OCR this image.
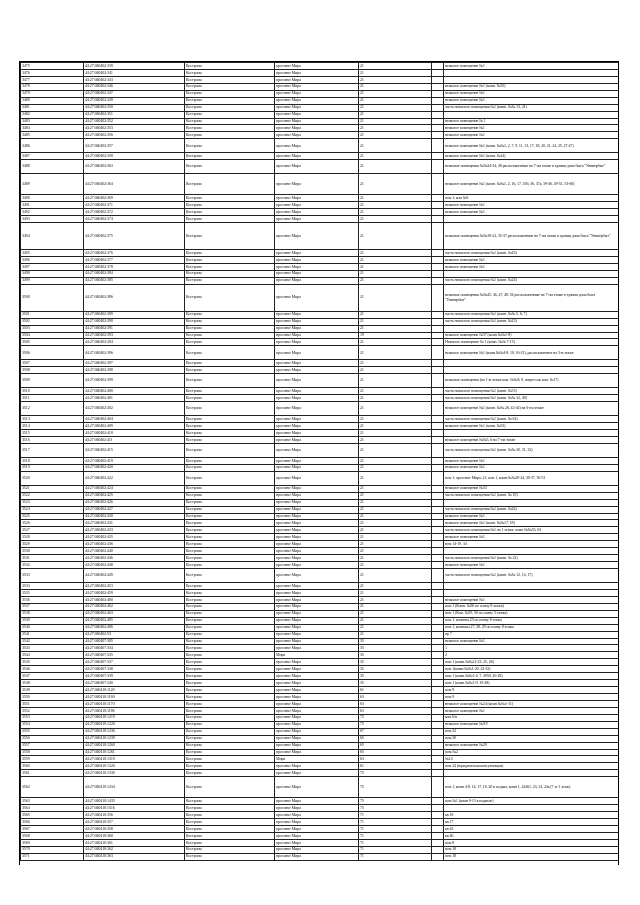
3475	44:27:040402:339	Кострома	проспект Мира	21		нежилое помещение №1
3476	44:27:040402:341	Кострома	проспект Мира	21		
3477	44:27:040402:343	Кострома	проспект Мира	21		
3478	44:27:040402:346	Кострома	проспект Мира	21		нежилое помещение №1 (комн. №35)
3479	44:27:040402:347	Кострома	проспект Мира	21		нежилое помещение №1
3480	44:27:040402:349	Кострома	проспект Мира	21		нежилое помещение №1
3481	44:27:040402:350	Кострома	проспект Мира	21		часть нежилого помещения №1 (комн. №№ 13, 41)
3482	44:27:040402:351	Кострома	проспект Мира	21		
3483	44:27:040402:352	Кострома	проспект Мира	21		нежилое помещение № 1
3484	44:27:040402:353	Кострома	проспект Мира	21		нежилое помещение №1
3485	44:27:040402:356	Кострома	проспект Мира	21		нежилое помещение №1
3486	44:27:040402:357	Кострома	проспект Мира	21		нежилое помещение №1 (комн. №№1, 2, 7, 9, 11, 13, 17, 18, 20, 21, 24, 25, 27-47)
3487	44:27:040402:358	Кострома	проспект Мира	21		нежилое помещение №1 (комн. №24)
3488	44:27:040402:363	Кострома	проспект Мира	21		нежилые помещения №№24-34, 40 расположенные на 7-ом этаже в здании дома быта "Универбыт"
3489	44:27:040402:364	Кострома	проспект Мира	21		нежилое помещение №1 (комн. №№1, 2, 16, 17, 33б, 36, 37а, 39-46, 49-51, 53-60)
3490	44:27:040402:369	Кострома	проспект Мира	21		пом 1, ком №9
3491	44:27:040402:371	Кострома	проспект Мира	21		нежилое помещение №1
3492	44:27:040402:372	Кострома	проспект Мира	21		нежилое помещение №1
3493	44:27:040402:374	Кострома	проспект Мира	21		
3494	44:27:040402:375	Кострома	проспект Мира	21		нежилые помещения №№18-22, 35-37 расположенные на 7-ом этаже в здании дома быта "Универбыт"
3495	44:27:040402:376	Кострома	проспект Мира	21		часть нежилого помещения №1 (комн. №43)
3496	44:27:040402:377	Кострома	проспект Мира	21		нежилое помещение №1
3497	44:27:040402:378	Кострома	проспект Мира	21		нежилое помещение №1
3498	44:27:040402:384	Кострома	проспект Мира	21		
3499	44:27:040402:385	Кострома	проспект Мира	21		часть нежилого помещения №1 (комн. №24)
3500	44:27:040402:386	Кострома	проспект Мира	21		нежилые помещения №№45, 46, 47, 48, 54 расположенные на 7-ом этаже в здании дома быта "Универбыт"
3501	44:27:040402:389	Кострома	проспект Мира	21		часть нежилого помещения №1 (комн. №№ 5, 6, 7)
3502	44:27:040402:390	Кострома	проспект Мира	21		часть нежилого помещения №1 (комн. №23)
3503	44:27:040402:391	Кострома	проспект Мира	21		
3504	44:27:040402:393	Кострома	проспект Мира	19		нежилое помещение №57 (комн.№№1-8)
3505	44:27:040402:394	Кострома	проспект Мира	21		Нежилое помещение № 1 (комн. №№ 7-15)
3506	44:27:040402:396	Кострома	проспект Мира	21		нежилое помещение №1 (комн.№№4-8, 10, 16-21), расположенное на 3-м этаже
3507	44:27:040402:397	Кострома	проспект Мира	21		
3508	44:27:040402:398	Кострома	проспект Мира	21		
3509	44:27:040402:399	Кострома	проспект Мира	21		нежилые помещения (на 1-м этаже ком. №№8, 9, антресоль ком. №17)
3510	44:27:040402:400	Кострома	проспект Мира	21		часть нежилого помещения №1 (комн. №53)
3511	44:27:040402:401	Кострома	проспект Мира	21		часть нежилого помещения №1 (комн. №№ 32, 49)
3512	44:27:040402:402	Кострома	проспект Мира	21		нежилое помещение №1 (комн. №№ 26, 42-44) на 6-ом этаже
3513	44:27:040402:404	Кострома	проспект Мира	21		часть нежилого помещения №1 (комн. № 62)
3514	44:27:040402:409	Кострома	проспект Мира	21		нежилое помещение №1 (комн. №53)
3515	44:27:040402:410	Кострома	проспект Мира	21		
3516	44:27:040402:411	Кострома	проспект Мира	21		нежилое помещение №№5, 6 на 7-ом этаже
3517	44:27:040402:415	Кострома	проспект Мира	21		часть нежилого помещения №1 (комн. №№ 30, 31, 32)
3518	44:27:040402:419	Кострома	проспект Мира	21		нежилое помещение №1
3519	44:27:040402:420	Кострома	проспект Мира	21		нежилое помещение №1
3520	44:27:040402:422	Кострома	проспект Мира	21		пом 1, проспект Мира, 21, пом 1, комн.№№20-24, 30-37, 50-51
3521	44:27:040402:424	Кострома	проспект Мира	21		нежилое помещение №33
3522	44:27:040402:425	Кострома	проспект Мира	21		часть нежилого помещения №1 (комн. № 10)
3523	44:27:040402:426	Кострома	проспект Мира	21		
3524	44:27:040402:427	Кострома	проспект Мира	21		часть нежилого помещения №1 (комн. №24)
3525	44:27:040402:430	Кострома	проспект Мира	21		нежилое помещение №1
3526	44:27:040402:431	Кострома	проспект Мира	21		нежилое помещение №1 (комн. №№17, 18)
3527	44:27:040402:433	Кострома	проспект Мира	21		часть нежилого помещения №1 на 1 этаже, комн №№53, 63
3528	44:27:040402:435	Кострома	проспект Мира	21		нежилое помещение №1
3529	44:27:040402:436	Кострома	проспект Мира	21		пом 14-19, 34
3530	44:27:040402:440	Кострома	проспект Мира	21		
3531	44:27:040402:446	Кострома	проспект Мира	21		часть нежилого помещения №1 (комн. № 22)
3532	44:27:040402:448	Кострома	проспект Мира	21		нежилое помещение №1
3533	44:27:040402:449	Кострома	проспект Мира	21		часть нежилого помещения №1 (комн. №№ 12, 14, 17)
3534	44:27:040402:453	Кострома	проспект Мира	21		
3535	44:27:040402:459	Кострома	проспект Мира	21		
3536	44:27:040402:460	Кострома	проспект Мира	21		нежилое помещение №1
3537	44:27:040402:462	Кострома	проспект Мира	21		пом 1 (Комн. №50 по плану 8 этажа)
3538	44:27:040402:463	Кострома	проспект Мира	21		пом 1 (Ком. №55, 56 по плану 5 этажа)
3539	44:27:040402:485	Кострома	проспект Мира	21		пом 1, комната 25 по плану 8 этажа
3540	44:27:040402:486	Кострома	проспект Мира	21		пом 1, комнаты 27, 28, 29 по плану 8 этажа
3541	44:27:040402:53	Кострома	проспект Мира	21		пр 7
3542	44:27:040407:305	Кострома	проспект Мира	35		нежилое помещение №1
3543	44:27:040407:334	Кострома	проспект Мира	35		1
3544	44:27:040407:335	Кострома	Мира	35		2
3545	44:27:040407:337	Кострома	проспект Мира	35		пом 1 (комн.№№21-23, 25, 26)
3546	44:27:040407:338	Кострома	проспект Мира	35		пом 1(комн.№№1-20, 22-32)
3547	44:27:040407:339	Кострома	проспект Мира	35		пом 1 (комн.№№1-4, 7, 4950, 26-28)
3548	44:27:040407:340	Кострома	проспект Мира	35		пом 1 (комн.№№1-9, 19-28)
3549	44:27:040410:1120	Кострома	проспект Мира	61		пом 9
3550	44:27:040410:1169	Кострома	проспект Мира	63		пом 9
3551	44:27:040410:1170	Кострома	проспект Мира	63		нежилое помещение №24 (комн.№№1-11)
3552	44:27:040410:1186	Кострома	проспект Мира	63		нежилое помещение №1
3553	44:27:040410:1219	Кострома	проспект Мира	75		ком б/н
3554	44:27:040410:1220	Кострома	проспект Мира	75		нежилое помещение №ХУ
3555	44:27:040410:1236	Кострома	проспект Мира	67		пом.32
3556	44:27:040410:1239	Кострома	проспект Мира	65		пом.30
3557	44:27:040410:1260	Кострома	проспект Мира	65		нежилое помещение №29
3558	44:27:040410:1261	Кострома	проспект Мира	65		пом.№2
3559	44:27:040410:1319	Кострома	Мира	63		№14
3560	44:27:040410:1320	Кострома	проспект Мира	61		пом 24 (юридическая консультация)
3561	44:27:040410:1330	Кострома	проспект Мира	75		
3562	44:27:040410:1434	Кострома	проспект Мира	75		пом 1, комн 4-8, 14, 17, 18, 20 и подвал, комн 1, 42461, 23, 24, 24а (7 эт 1 этаж)
3563	44:27:040410:1435	Кострома	проспект Мира	75		пом №1 (комн 9-13 в подвале)
3564	44:27:040410:1516	Кострома	проспект Мира	75		
3565	44:27:040410:356	Кострома	проспект Мира	71		кв 18
3566	44:27:040410:357	Кострома	проспект Мира	71		кв 17
3567	44:27:040410:358	Кострома	проспект Мира	71		кв 43
3568	44:27:040410:360	Кострома	проспект Мира	71		кв 46
3569	44:27:040410:361	Кострома	проспект Мира	71		пом 8
3570	44:27:040410:362	Кострома	проспект Мира	71		пом 10
3571	44:27:040410:363	Кострома	проспект Мира	71		пом 18
